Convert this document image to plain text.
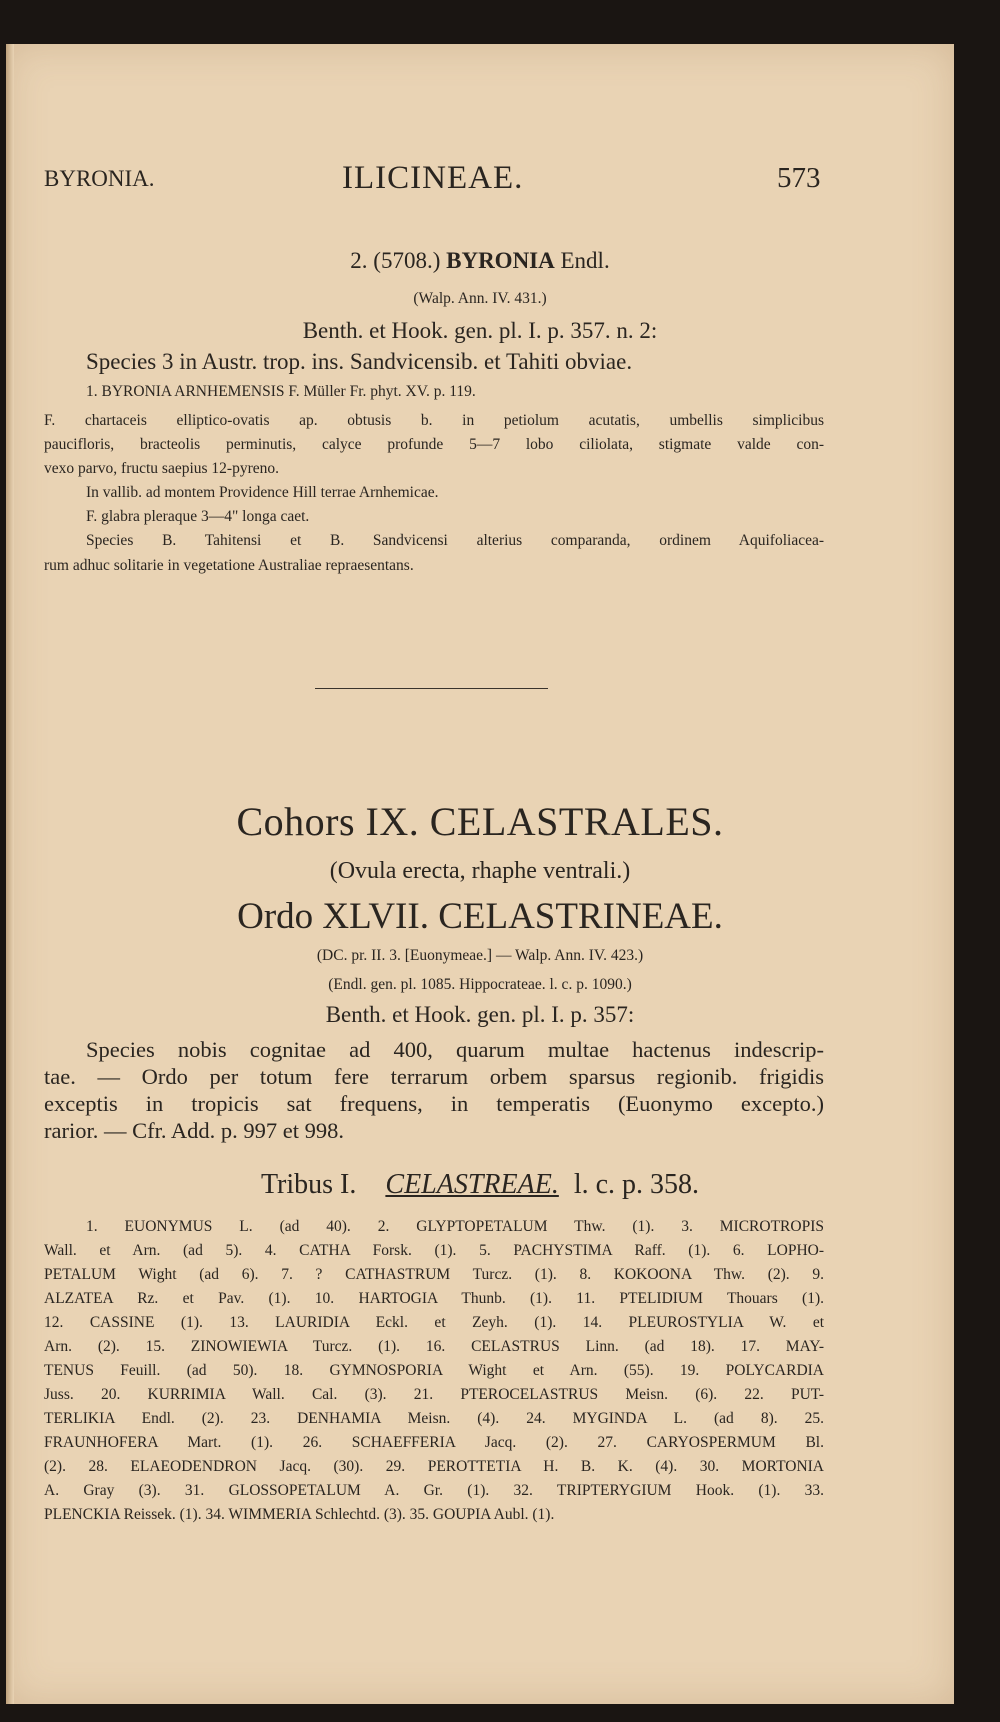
BYRONIA.	ILICINEAE.	573
2. (5708.) BYRONIA Endl.
(Walp. Ann. IV. 431.)
Benth. et Hook. gen. pl. I. p. 357. n. 2:
Species 3 in Austr. trop. ins. Sandvicensib. et Tahiti obviae.
1. BYRONIA ARNHEMENSIS F. Müller Fr. phyt. XV. p. 119.
F. chartaceis elliptico-ovatis ap. obtusis b. in petiolum acutatis, umbellis simplicibus
paucifloris, bracteolis perminutis, calyce profunde 5—7 lobo ciliolata, stigmate valde con-
vexo parvo, fructu saepius 12-pyreno.
In vallib. ad montem Providence Hill terrae Arnhemicae.
F. glabra pleraque 3—4" longa caet.
Species B. Tahitensi et B. Sandvicensi alterius comparanda, ordinem Aquifoliacea-
rum adhuc solitarie in vegetatione Australiae repraesentans.
Cohors IX. CELASTRALES.
(Ovula erecta, rhaphe ventrali.)
Ordo XLVII. CELASTRINEAE.
(DC. pr. II. 3. [Euonymeae.] — Walp. Ann. IV. 423.)
(Endl. gen. pl. 1085. Hippocrateae. l. c. p. 1090.)
Benth. et Hook. gen. pl. I. p. 357:
Species nobis cognitae ad 400, quarum multae hactenus indescrip-
tae. — Ordo per totum fere terrarum orbem sparsus regionib. frigidis
exceptis in tropicis sat frequens, in temperatis (Euonymo excepto.)
rarior. — Cfr. Add. p. 997 et 998.
Tribus I. CELASTREAE. l. c. p. 358.
1. EUONYMUS L. (ad 40). 2. GLYPTOPETALUM Thw. (1). 3. MICROTROPIS
Wall. et Arn. (ad 5). 4. CATHA Forsk. (1). 5. PACHYSTIMA Raff. (1). 6. LOPHO-
PETALUM Wight (ad 6). 7. ? CATHASTRUM Turcz. (1). 8. KOKOONA Thw. (2). 9.
ALZATEA Rz. et Pav. (1). 10. HARTOGIA Thunb. (1). 11. PTELIDIUM Thouars (1).
12. CASSINE (1). 13. LAURIDIA Eckl. et Zeyh. (1). 14. PLEUROSTYLIA W. et
Arn. (2). 15. ZINOWIEWIA Turcz. (1). 16. CELASTRUS Linn. (ad 18). 17. MAY-
TENUS Feuill. (ad 50). 18. GYMNOSPORIA Wight et Arn. (55). 19. POLYCARDIA
Juss. 20. KURRIMIA Wall. Cal. (3). 21. PTEROCELASTRUS Meisn. (6). 22. PUT-
TERLIKIA Endl. (2). 23. DENHAMIA Meisn. (4). 24. MYGINDA L. (ad 8). 25.
FRAUNHOFERA Mart. (1). 26. SCHAEFFERIA Jacq. (2). 27. CARYOSPERMUM Bl.
(2). 28. ELAEODENDRON Jacq. (30). 29. PEROTTETIA H. B. K. (4). 30. MORTONIA
A. Gray (3). 31. GLOSSOPETALUM A. Gr. (1). 32. TRIPTERYGIUM Hook. (1). 33.
PLENCKIA Reissek. (1). 34. WIMMERIA Schlechtd. (3). 35. GOUPIA Aubl. (1).
